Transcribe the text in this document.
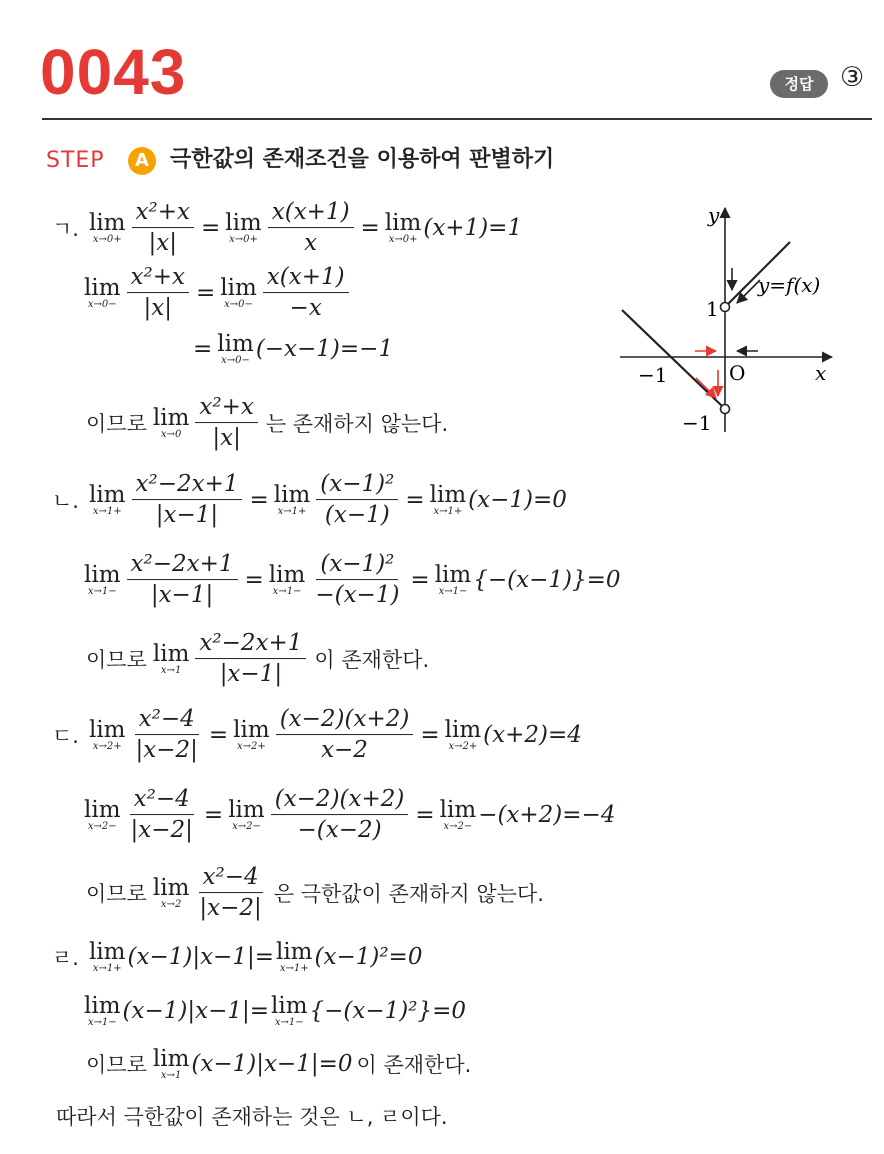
0043	정답 ③
STEP	A 극한값의 존재조건을 이용하여 판별하기
y
x
O
1
−1
−1
y=f(x)
ㄱ. lim
$x\to 0+ \frac{\text{x²+x}}{|x|} = \lim$
$x\to 0+ \frac{x(x+1)}{x} = \lim$
x→0+ (x+1)=1
lim
$x\to 0- \frac{\text{x²+x}}{|x|} = \lim$
$x\to 0- \frac{x(x+1)}{-x}$
= lim
x→0− (−x−1)=−1
이므로 lim
$x\to 0 \frac{\text{x²+x}}{|x|}$ 는 존재하지 않는다.
ㄴ. lim
$x\to 1+ \frac{\text{x²−2x+1}}{|x-1|} = \lim$
$x\to 1+ \frac{\text{(x−1)²}}{(x-1)} = \lim$
x→1+ (x−1)=0
lim
$x\to 1- \frac{\text{x²−2x+1}}{|x-1|} = \lim$
$x\to 1- \frac{\text{(x−1)²}}{-(x-1)} = \lim$
x→1− {−(x−1)}=0
이므로 lim
$x\to 1 \frac{\text{x²−2x+1}}{|x-1|}$ 이 존재한다.
ㄷ. lim
$x\to 2+ \frac{\text{x²−4}}{|x-2|} = \lim$
$x\to 2+ \frac{(x-2)(x+2)}{x-2} = \lim$
x→2+ (x+2)=4
lim
$x\to 2- \frac{\text{x²−4}}{|x-2|} = \lim$
$x\to 2- \frac{(x-2)(x+2)}{-(x-2)} = \lim$
x→2− −(x+2)=−4
이므로 lim
$x\to 2 \frac{\text{x²−4}}{|x-2|}$ 은 극한값이 존재하지 않는다.
ㄹ. lim
x→1+ (x−1)|x−1|= lim
x→1+ (x−1)²=0
lim
x→1− (x−1)|x−1|= lim
x→1− {−(x−1)²}=0
이므로 lim
x→1 (x−1)|x−1|=0 이 존재한다.
따라서 극한값이 존재하는 것은 ㄴ, ㄹ이다.
